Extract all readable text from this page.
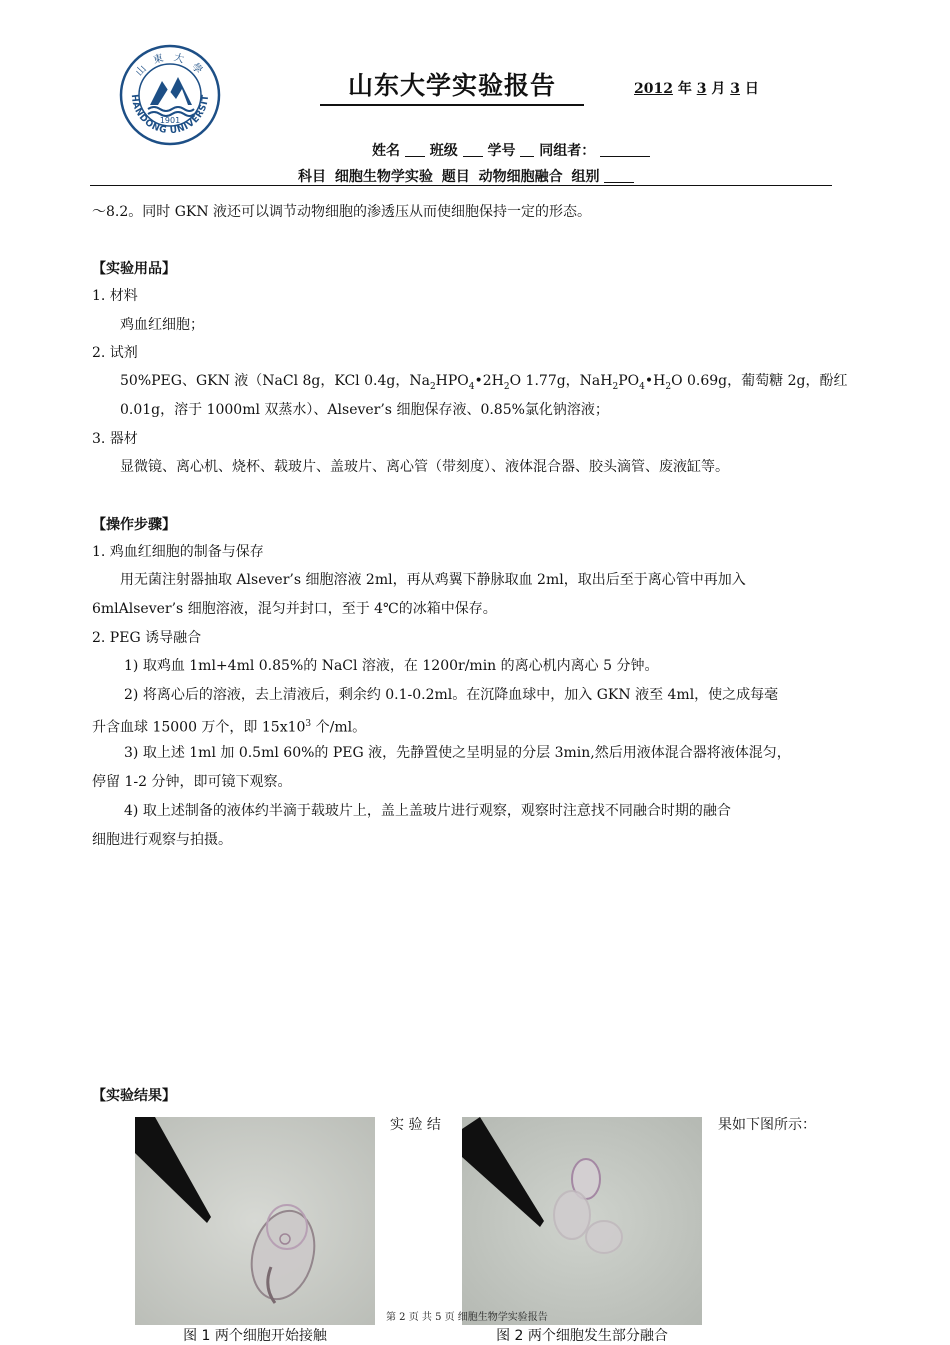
HANDONG UNIVERSIT
山 東 大 學
1901
山东大学实验报告	2012 年 3 月 3 日
姓名 班级 学号 同组者：
科目 细胞生物学实验 题目 动物细胞融合 组别
～8.2。同时 GKN 液还可以调节动物细胞的渗透压从而使细胞保持一定的形态。
【实验用品】
1. 材料
鸡血红细胞；
2. 试剂
50%PEG、GKN 液（NaCl 8g，KCl 0.4g，$Na_2HPO_4•2H_2O$ 1.77g，$NaH_2PO_4•H_2O$ 0.69g，葡萄糖 2g，酚红
0.01g，溶于 1000ml 双蒸水）、Alsever’s 细胞保存液、0.85%氯化钠溶液；
3. 器材
显微镜、离心机、烧杯、载玻片、盖玻片、离心管（带刻度）、液体混合器、胶头滴管、废液缸等。
【操作步骤】
1. 鸡血红细胞的制备与保存
用无菌注射器抽取 Alsever’s 细胞溶液 2ml，再从鸡翼下静脉取血 2ml，取出后至于离心管中再加入
6mlAlsever’s 细胞溶液，混匀并封口，至于 4℃的冰箱中保存。
2. PEG 诱导融合
1) 取鸡血 1ml+4ml 0.85%的 NaCl 溶液，在 1200r/min 的离心机内离心 5 分钟。
2) 将离心后的溶液，去上清液后，剩余约 0.1-0.2ml。在沉降血球中，加入 GKN 液至 4ml，使之成每毫
升含血球 15000 万个，即 $15x10^3$ 个/ml。
3) 取上述 1ml 加 0.5ml 60%的 PEG 液，先静置使之呈明显的分层 3min,然后用液体混合器将液体混匀，
停留 1-2 分钟，即可镜下观察。
4) 取上述制备的液体约半滴于载玻片上，盖上盖玻片进行观察，观察时注意找不同融合时期的融合
细胞进行观察与拍摄。
【实验结果】
实 验 结	果如下图所示：
图 1 两个细胞开始接触	图 2 两个细胞发生部分融合
第 2 页 共 5 页 细胞生物学实验报告
